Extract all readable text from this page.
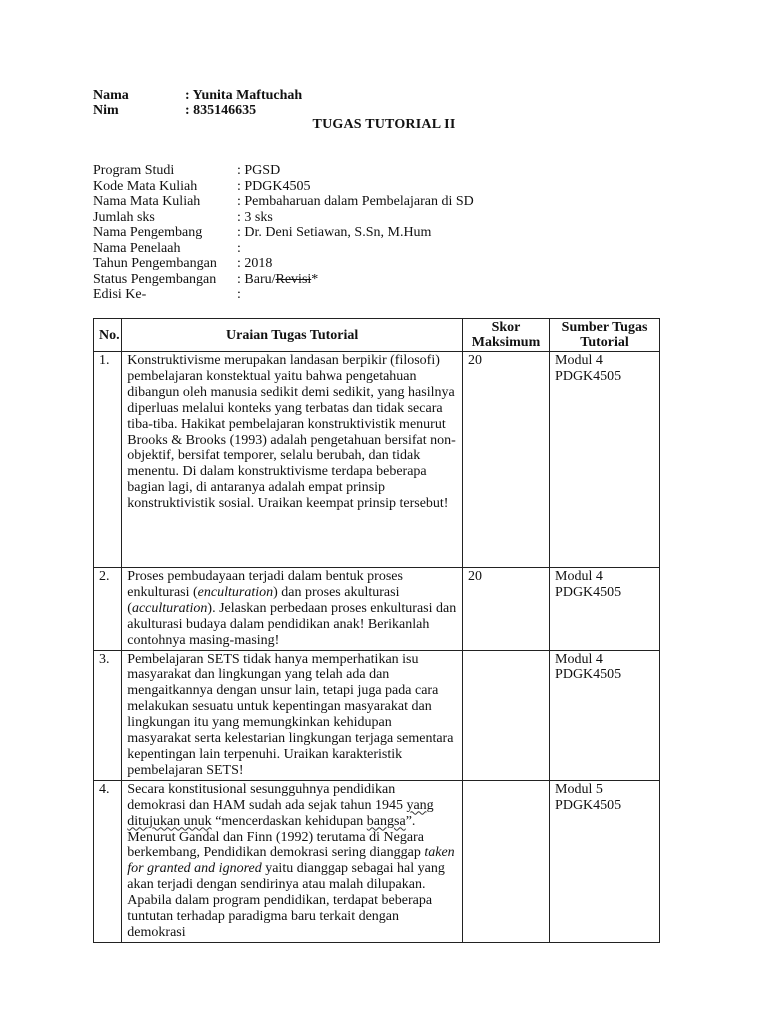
Nama	: Yunita Maftuchah
Nim	: 835146635
TUGAS TUTORIAL II
Program Studi	: PGSD
Kode Mata Kuliah	: PDGK4505
Nama Mata Kuliah	: Pembaharuan dalam Pembelajaran di SD
Jumlah sks	: 3 sks
Nama Pengembang	: Dr. Deni Setiawan, S.Sn, M.Hum
Nama Penelaah	:
Tahun Pengembangan	: 2018
Status Pengembangan	: Baru/Revisi*
Edisi Ke-	:
No.	Uraian Tugas Tutorial	Skor Maksimum	Sumber Tugas Tutorial
1.	Konstruktivisme merupakan landasan berpikir (filosofi) pembelajaran konstektual yaitu bahwa pengetahuan dibangun oleh manusia sedikit demi sedikit, yang hasilnya diperluas melalui konteks yang terbatas dan tidak secara tiba-tiba. Hakikat pembelajaran konstruktivistik menurut Brooks & Brooks (1993) adalah pengetahuan bersifat non-objektif, bersifat temporer, selalu berubah, dan tidak menentu. Di dalam konstruktivisme terdapa beberapa bagian lagi, di antaranya adalah empat prinsip konstruktivistik sosial. Uraikan keempat prinsip tersebut!	20	Modul 4
PDGK4505

2.	Proses pembudayaan terjadi dalam bentuk proses enkulturasi (enculturation) dan proses akulturasi (acculturation). Jelaskan perbedaan proses enkulturasi dan akulturasi budaya dalam pendidikan anak! Berikanlah contohnya masing-masing!	20	Modul 4
PDGK4505

3.	Pembelajaran SETS tidak hanya memperhatikan isu masyarakat dan lingkungan yang telah ada dan mengaitkannya dengan unsur lain, tetapi juga pada cara melakukan sesuatu untuk kepentingan masyarakat dan lingkungan itu yang memungkinkan kehidupan masyarakat serta kelestarian lingkungan terjaga sementara kepentingan lain terpenuhi. Uraikan karakteristik pembelajaran SETS!		Modul 4
PDGK4505

4.	Secara konstitusional sesungguhnya pendidikan demokrasi dan HAM sudah ada sejak tahun 1945 yang ditujukan unuk “mencerdaskan kehidupan bangsa”. Menurut Gandal dan Finn (1992) terutama di Negara berkembang, Pendidikan demokrasi sering dianggap taken for granted and ignored yaitu dianggap sebagai hal yang akan terjadi dengan sendirinya atau malah dilupakan. Apabila dalam program pendidikan, terdapat beberapa tuntutan terhadap paradigma baru terkait dengan demokrasi		Modul 5
PDGK4505
